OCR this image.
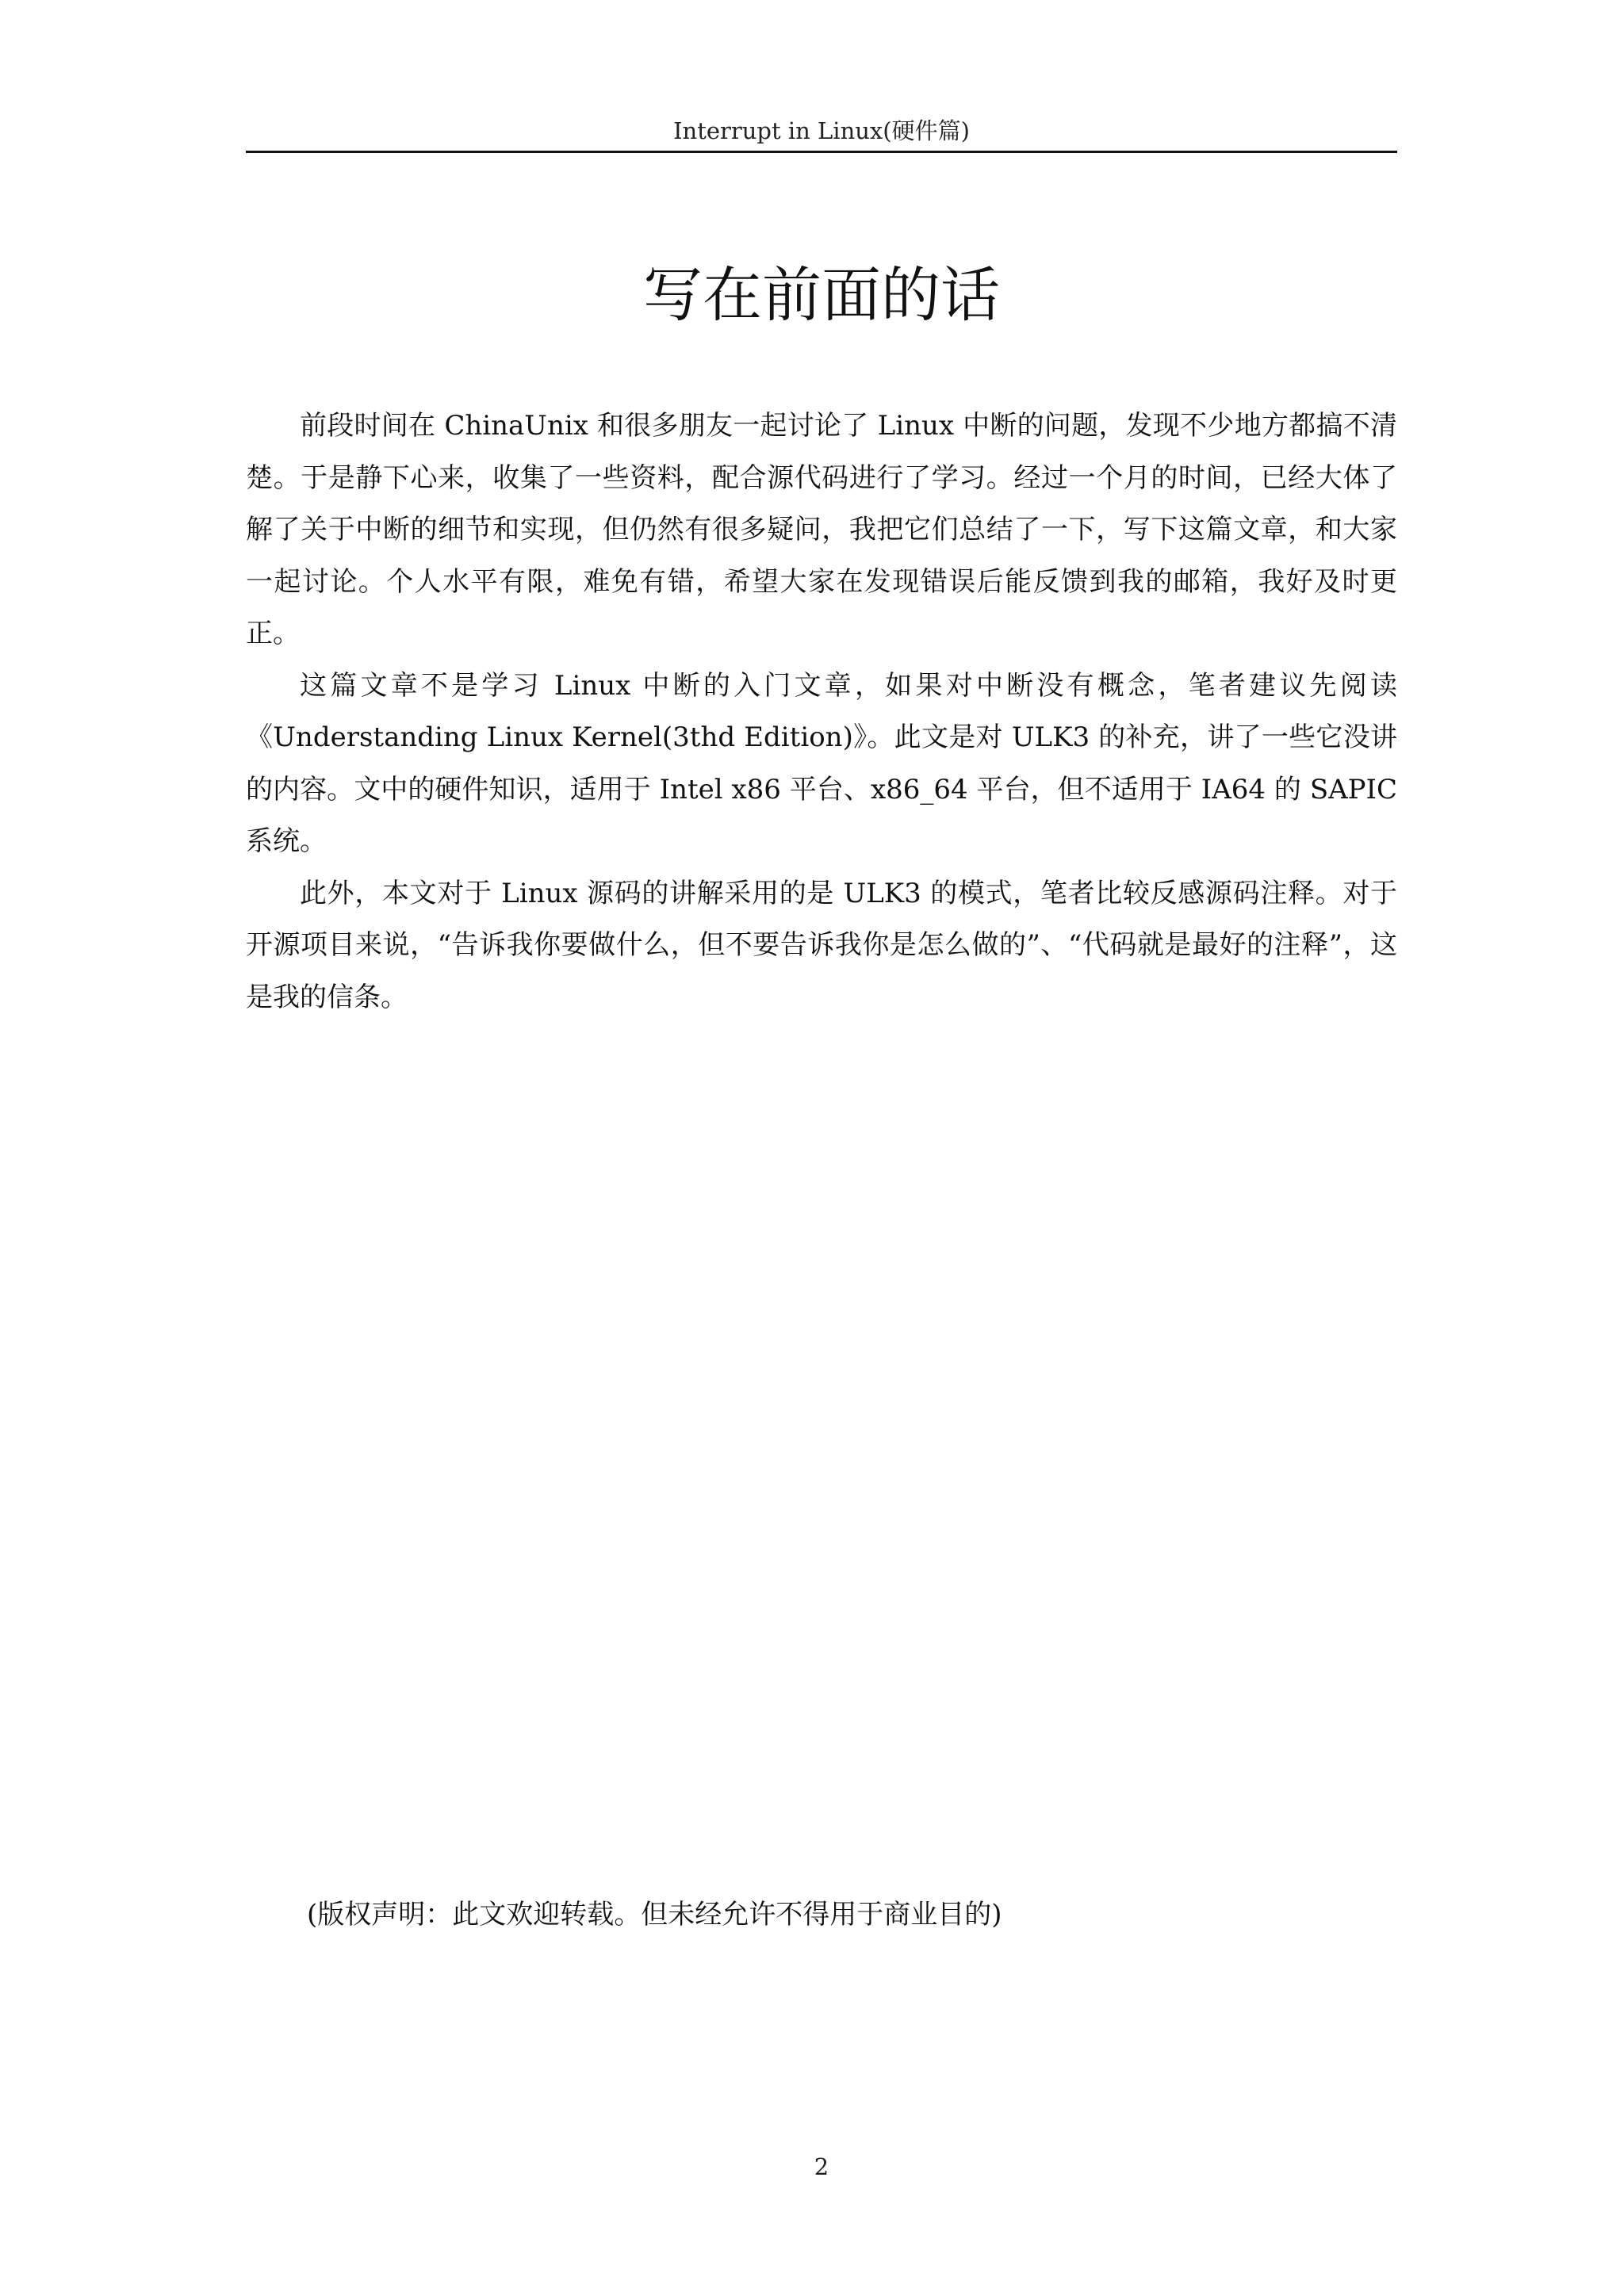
Interrupt in Linux(硬件篇)
写在前面的话

前段时间在 ChinaUnix 和很多朋友一起讨论了 Linux 中断的问题，发现不少地方都搞不清楚。于是静下心来，收集了一些资料，配合源代码进行了学习。经过一个月的时间，已经大体了解了关于中断的细节和实现，但仍然有很多疑问，我把它们总结了一下，写下这篇文章，和大家一起讨论。个人水平有限，难免有错，希望大家在发现错误后能反馈到我的邮箱，我好及时更正。

这篇文章不是学习 Linux 中断的入门文章，如果对中断没有概念，笔者建议先阅读《Understanding Linux Kernel(3thd Edition)》。此文是对 ULK3 的补充，讲了一些它没讲的内容。文中的硬件知识，适用于 Intel x86 平台、x86_64 平台，但不适用于 IA64 的 SAPIC 系统。

此外，本文对于 Linux 源码的讲解采用的是 ULK3 的模式，笔者比较反感源码注释。对于开源项目来说，“告诉我你要做什么，但不要告诉我你是怎么做的”、“代码就是最好的注释”，这是我的信条。

(版权声明：此文欢迎转载。但未经允许不得用于商业目的)
2
